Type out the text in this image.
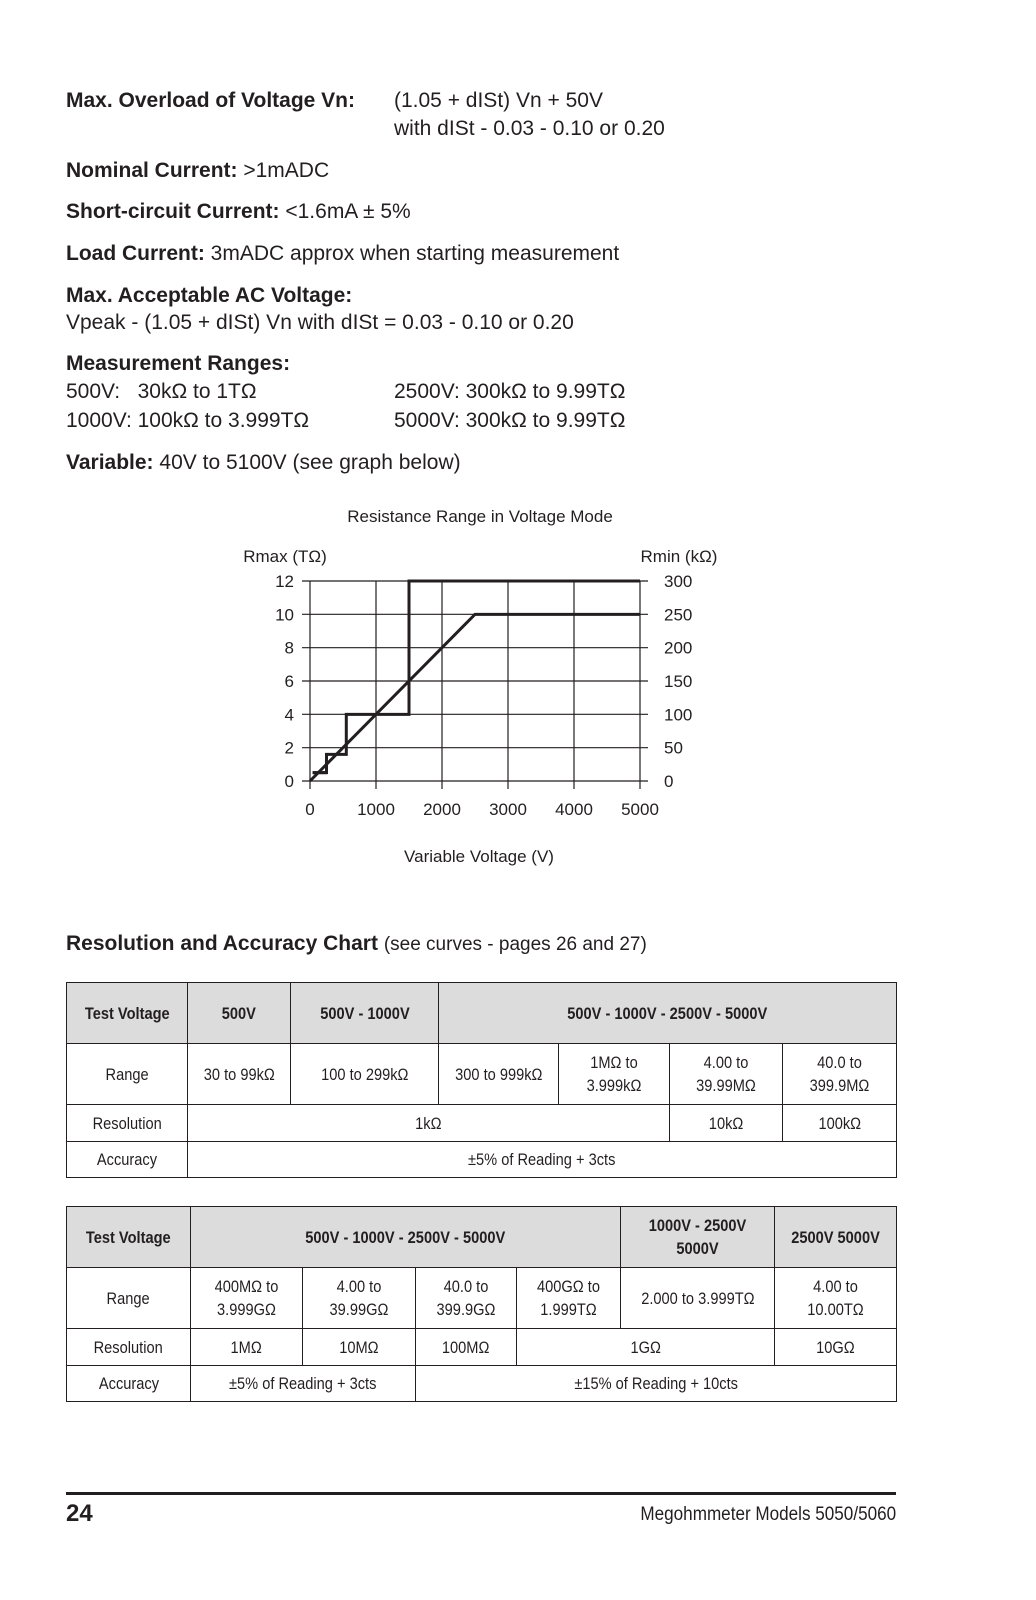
Max. Overload of Voltage Vn: (1.05 + dISt) Vn + 50V
with dISt - 0.03 - 0.10 or 0.20
Nominal Current: >1mADC
Short-circuit Current: <1.6mA ± 5%
Load Current: 3mADC approx when starting measurement
Max. Acceptable AC Voltage:
Vpeak - (1.05 + dISt) Vn with dISt = 0.03 - 0.10 or 0.20
Measurement Ranges:
500V:   30kΩ to 1TΩ	2500V: 300kΩ to 9.99TΩ
1000V: 100kΩ to 3.999TΩ	5000V: 300kΩ to 9.99TΩ
Variable: 40V to 5100V (see graph below)
Resistance Range in Voltage Mode
Rmax (TΩ)	Rmin (kΩ)
Variable Voltage (V)
0 1000 2000 3000 4000 5000
0
2
4
6
8
10
12
0
50
100
150
200
250
300
Resolution and Accuracy Chart (see curves - pages 26 and 27)
Test Voltage	500V	500V - 1000V	500V - 1000V - 2500V - 5000V			
Range	30 to 99kΩ	100 to 299kΩ	300 to 999kΩ	1MΩ to 3.999kΩ	4.00 to 39.99MΩ	40.0 to 399.9MΩ
Resolution	1kΩ				10kΩ	100kΩ
Accuracy	±5% of Reading + 3cts					
Test Voltage	500V - 1000V - 2500V - 5000V				1000V - 2500V 5000V	2500V 5000V
Range	400MΩ to 3.999GΩ	4.00 to 39.99GΩ	40.0 to 399.9GΩ	400GΩ to 1.999TΩ	2.000 to 3.999TΩ	4.00 to 10.00TΩ
Resolution	1MΩ	10MΩ	100MΩ	1GΩ		10GΩ
Accuracy	±5% of Reading + 3cts		±15% of Reading + 10cts			
24	Megohmmeter Models 5050/5060
